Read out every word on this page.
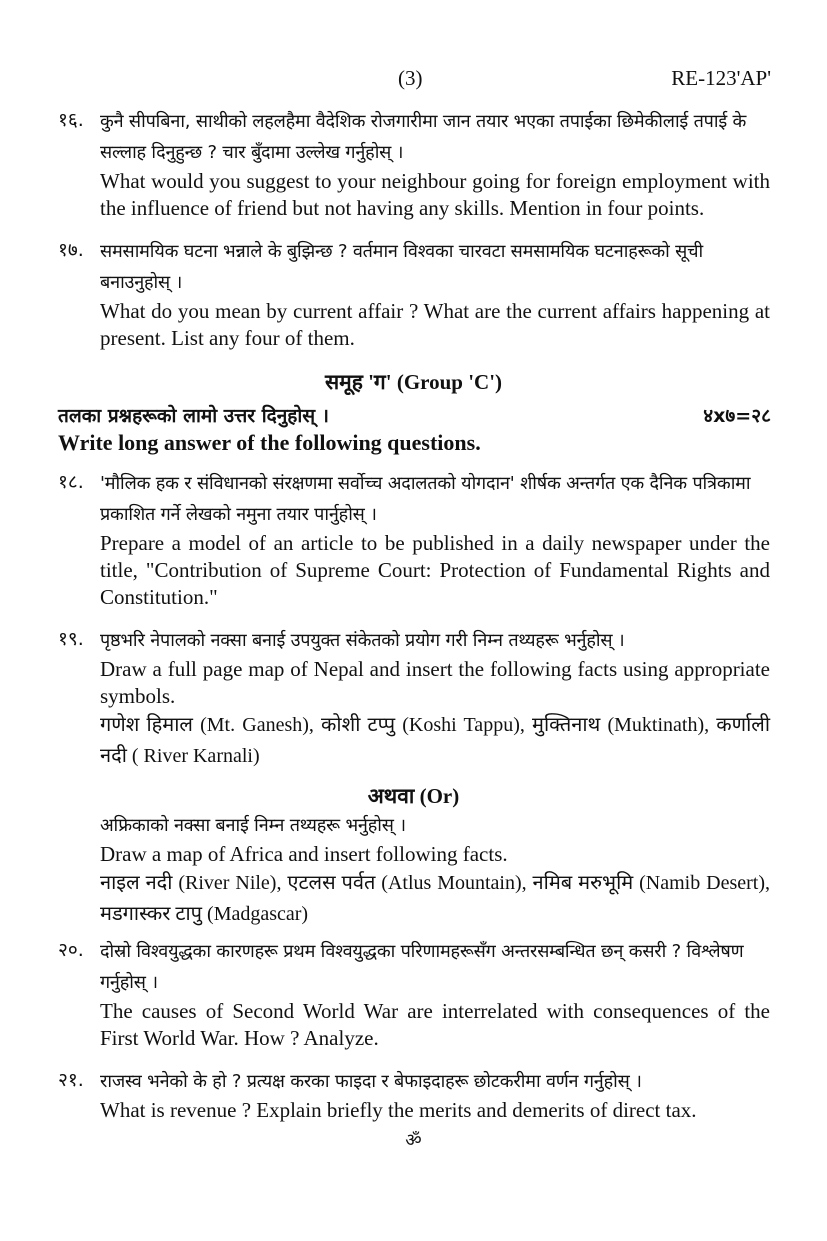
(3)	RE-123'AP'
१६. कुनै सीपबिना, साथीको लहलहैमा वैदेशिक रोजगारीमा जान तयार भएका तपाईका छिमेकीलाई तपाई के सल्लाह दिनुहुन्छ ? चार बुँदामा उल्लेख गर्नुहोस् ।
What would you suggest to your neighbour going for foreign employment with the influence of friend but not having any skills. Mention in four points.
१७. समसामयिक घटना भन्नाले के बुझिन्छ ? वर्तमान विश्वका चारवटा समसामयिक घटनाहरूको सूची बनाउनुहोस् ।
What do you mean by current affair ? What are the current affairs happening at present. List any four of them.
समूह 'ग' (Group 'C')
तलका प्रश्नहरूको लामो उत्तर दिनुहोस् ।	४x७=२८
Write long answer of the following questions.
१८. 'मौलिक हक र संविधानको संरक्षणमा सर्वोच्च अदालतको योगदान' शीर्षक अन्तर्गत एक दैनिक पत्रिकामा प्रकाशित गर्ने लेखको नमुना तयार पार्नुहोस् ।
Prepare a model of an article to be published in a daily newspaper under the title, "Contribution of Supreme Court: Protection of Fundamental Rights and Constitution."
१९. पृष्ठभरि नेपालको नक्सा बनाई उपयुक्त संकेतको प्रयोग गरी निम्न तथ्यहरू भर्नुहोस् ।
Draw a full page map of Nepal and insert the following facts using appropriate symbols.
गणेश हिमाल (Mt. Ganesh), कोशी टप्पु (Koshi Tappu), मुक्तिनाथ (Muktinath), कर्णाली नदी ( River Karnali)
अथवा (Or)
अफ्रिकाको नक्सा बनाई निम्न तथ्यहरू भर्नुहोस् ।
Draw a map of Africa and insert following facts.
नाइल नदी (River Nile), एटलस पर्वत (Atlus Mountain), नमिब मरुभूमि (Namib Desert), मडगास्कर टापु (Madgascar)
२०. दोस्रो विश्वयुद्धका कारणहरू प्रथम विश्वयुद्धका परिणामहरूसँग अन्तरसम्बन्धित छन् कसरी ? विश्लेषण गर्नुहोस् ।
The causes of Second World War are interrelated with consequences of the First World War. How ? Analyze.
२१. राजस्व भनेको के हो ? प्रत्यक्ष करका फाइदा र बेफाइदाहरू छोटकरीमा वर्णन गर्नुहोस् ।
What is revenue ? Explain briefly the merits and demerits of direct tax.
ॐ
